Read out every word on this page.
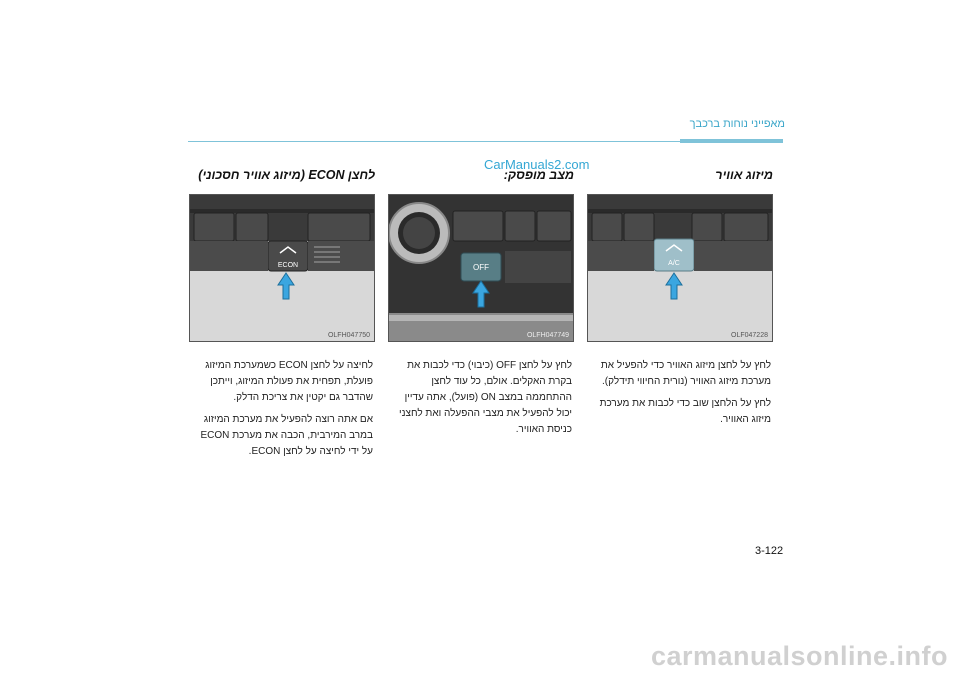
מאפייני נוחות ברכבך
CarManuals2.com
מיזוג אוויר
A/C
OLF047228

לחץ על לחצן מיזוג האוויר כדי להפעיל את מערכת מיזוג האוויר (נורית החיווי תידלק).

לחץ על הלחצן שוב כדי לכבות את מערכת מיזוג האוויר.

מצב מופסק:
OFF
OLFH047749

לחץ על לחצן OFF (כיבוי) כדי לכבות את בקרת האקלים. אולם, כל עוד לחצן ההתחממה במצב ON (פועל), אתה עדיין יכול להפעיל את מצבי ההפעלה ואת לחצני כניסת האוויר.

לחצן ECON (מיזוג אוויר חסכוני)
ECON
OLFH047750

לחיצה על לחצן ECON כשמערכת המיזוג פועלת, תפחית את פעולת המיזוג, וייתכן שהדבר גם יקטין את צריכת הדלק.

אם אתה רוצה להפעיל את מערכת המיזוג במרב המירבית, הכבה את מערכת ECON על ידי לחיצה על לחצן ECON.

3-122
carmanualsonline.info
